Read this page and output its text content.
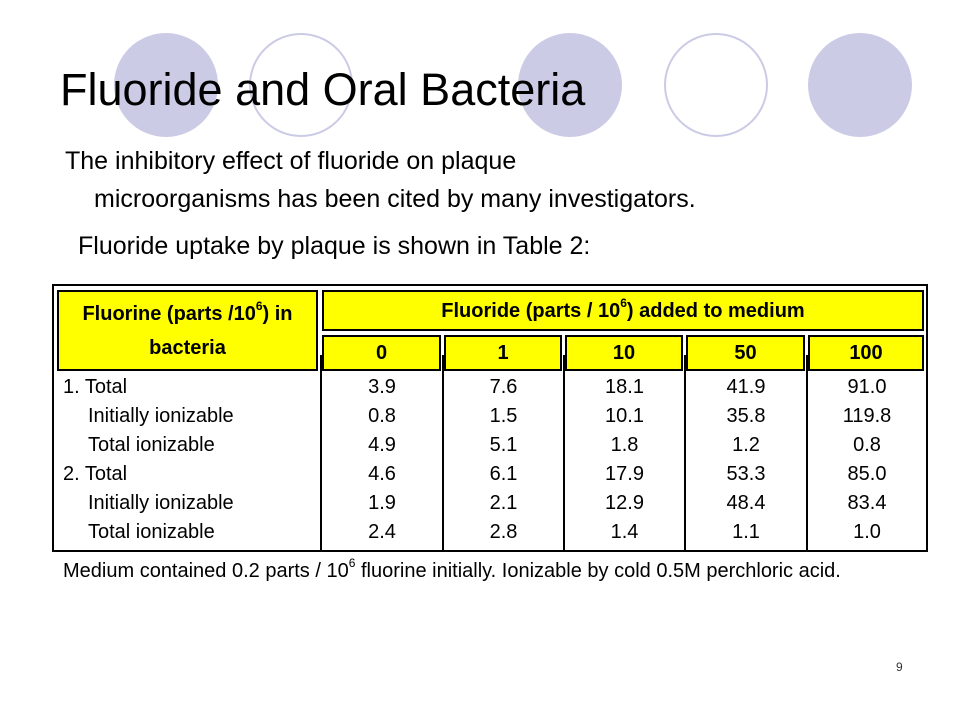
Fluoride and Oral Bacteria
The inhibitory effect of fluoride on plaque
microorganisms has been cited by many investigators.
Fluoride uptake by plaque is shown in Table 2:
Fluorine (parts $/10^6$) in
bacteria
Fluoride (parts / $10^6$) added to medium
0	1	10	50	100
1. Total	3.9	7.6	18.1	41.9	91.0
Initially ionizable	0.8	1.5	10.1	35.8	119.8
Total ionizable	4.9	5.1	1.8	1.2	0.8
2. Total	4.6	6.1	17.9	53.3	85.0
Initially ionizable	1.9	2.1	12.9	48.4	83.4
Total ionizable	2.4	2.8	1.4	1.1	1.0
Medium contained 0.2 parts / $10^6$ fluorine initially. Ionizable by cold 0.5M perchloric acid.
9
